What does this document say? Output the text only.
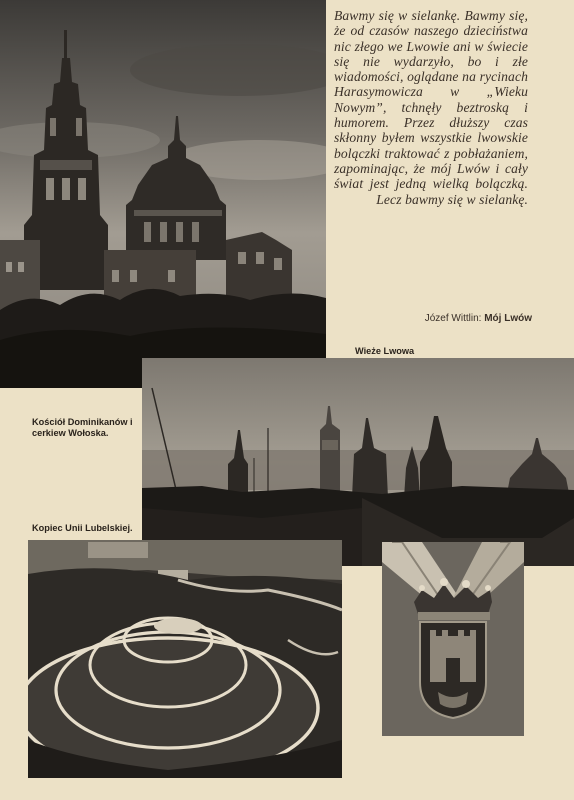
Bawmy się w sielankę. Bawmy się, że od czasów naszego dzieciństwa nic złego we Lwowie ani w świecie się nie wydarzyło, bo i złe wiadomości, oglądane na rycinach Harasymowicza w „Wieku Nowym”, tchnęły beztroską i humorem. Przez dłuższy czas skłonny byłem wszystkie lwowskie bolączki traktować z pobłażaniem, zapominając, że mój Lwów i cały świat jest jedną wielką bolączką. Lecz bawmy się w sielankę.
Józef Wittlin: Mój Lwów
Wieże Lwowa
Kościół Dominikanów i cerkiew Wołoska.
Kopiec Unii Lubelskiej.
